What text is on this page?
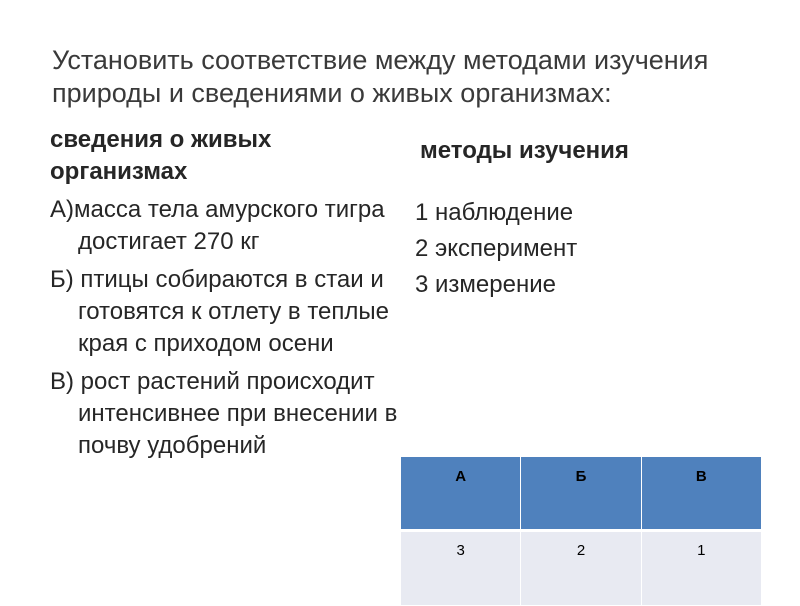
Установить соответствие между методами изучения природы и сведениями о живых организмах:
сведения о живых организмах
А)масса тела амурского тигра достигает 270 кг
Б) птицы собираются в стаи и готовятся к отлету в теплые края с приходом осени
В) рост растений происходит интенсивнее при внесении в почву удобрений
методы изучения
1 наблюдение
2 эксперимент
3 измерение
А	Б	В
3	2	1
